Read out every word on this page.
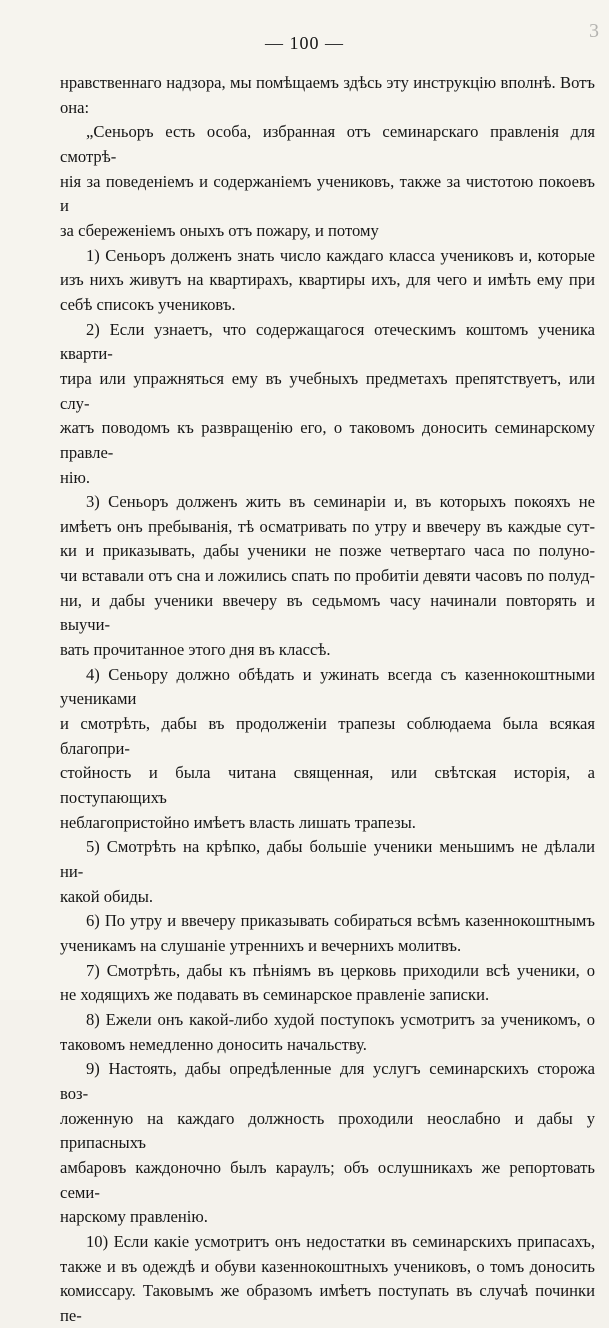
3
— 100 —

нравственнаго надзора, мы помѣщаемъ здѣсь эту инструкцію вполнѣ. Вотъ

она:

„Сеньоръ есть особа, избранная отъ семинарскаго правленія для смотрѣ-

нія за поведеніемъ и содержаніемъ учениковъ, также за чистотою покоевъ и

за сбереженіемъ оныхъ отъ пожару, и потому

1) Сеньоръ долженъ знать число каждаго класса учениковъ и, которые

изъ нихъ живутъ на квартирахъ, квартиры ихъ, для чего и имѣть ему при

себѣ списокъ учениковъ.

2) Если узнаетъ, что содержащагося отеческимъ коштомъ ученика кварти-

тира или упражняться ему въ учебныхъ предметахъ препятствуетъ, или слу-

жатъ поводомъ къ развращенію его, о таковомъ доносить семинарскому правле-

нію.

3) Сеньоръ долженъ жить въ семинаріи и, въ которыхъ покояхъ не

имѣетъ онъ пребыванія, тѣ осматривать по утру и ввечеру въ каждые сут-

ки и приказывать, дабы ученики не позже четвертаго часа по полуно-

чи вставали отъ сна и ложились спать по пробитіи девяти часовъ по полуд-

ни, и дабы ученики ввечеру въ седьмомъ часу начинали повторять и выучи-

вать прочитанное этого дня въ классѣ.

4) Сеньору должно обѣдать и ужинать всегда съ казеннокоштными учениками

и смотрѣть, дабы въ продолженіи трапезы соблюдаема была всякая благопри-

стойность и была читана священная, или свѣтская исторія, а поступающихъ

неблагопристойно имѣетъ власть лишать трапезы.

5) Смотрѣть на крѣпко, дабы большіе ученики меньшимъ не дѣлали ни-

какой обиды.

6) По утру и ввечеру приказывать собираться всѣмъ казеннокоштнымъ

ученикамъ на слушаніе утреннихъ и вечернихъ молитвъ.

7) Смотрѣть, дабы къ пѣніямъ въ церковь приходили всѣ ученики, о

не ходящихъ же подавать въ семинарское правленіе записки.

8) Ежели онъ какой-либо худой поступокъ усмотритъ за ученикомъ, о

таковомъ немедленно доносить начальству.

9) Настоять, дабы опредѣленные для услугъ семинарскихъ сторожа воз-

ложенную на каждаго должность проходили неослабно и дабы у припасныхъ

амбаровъ каждоночно былъ караулъ; объ ослушникахъ же репортовать семи-

нарскому правленію.

10) Если какіе усмотритъ онъ недостатки въ семинарскихъ припасахъ,

также и въ одеждѣ и обуви казеннокоштныхъ учениковъ, о томъ доносить

комиссару. Таковымъ же образомъ имѣетъ поступать въ случаѣ починки пе-
